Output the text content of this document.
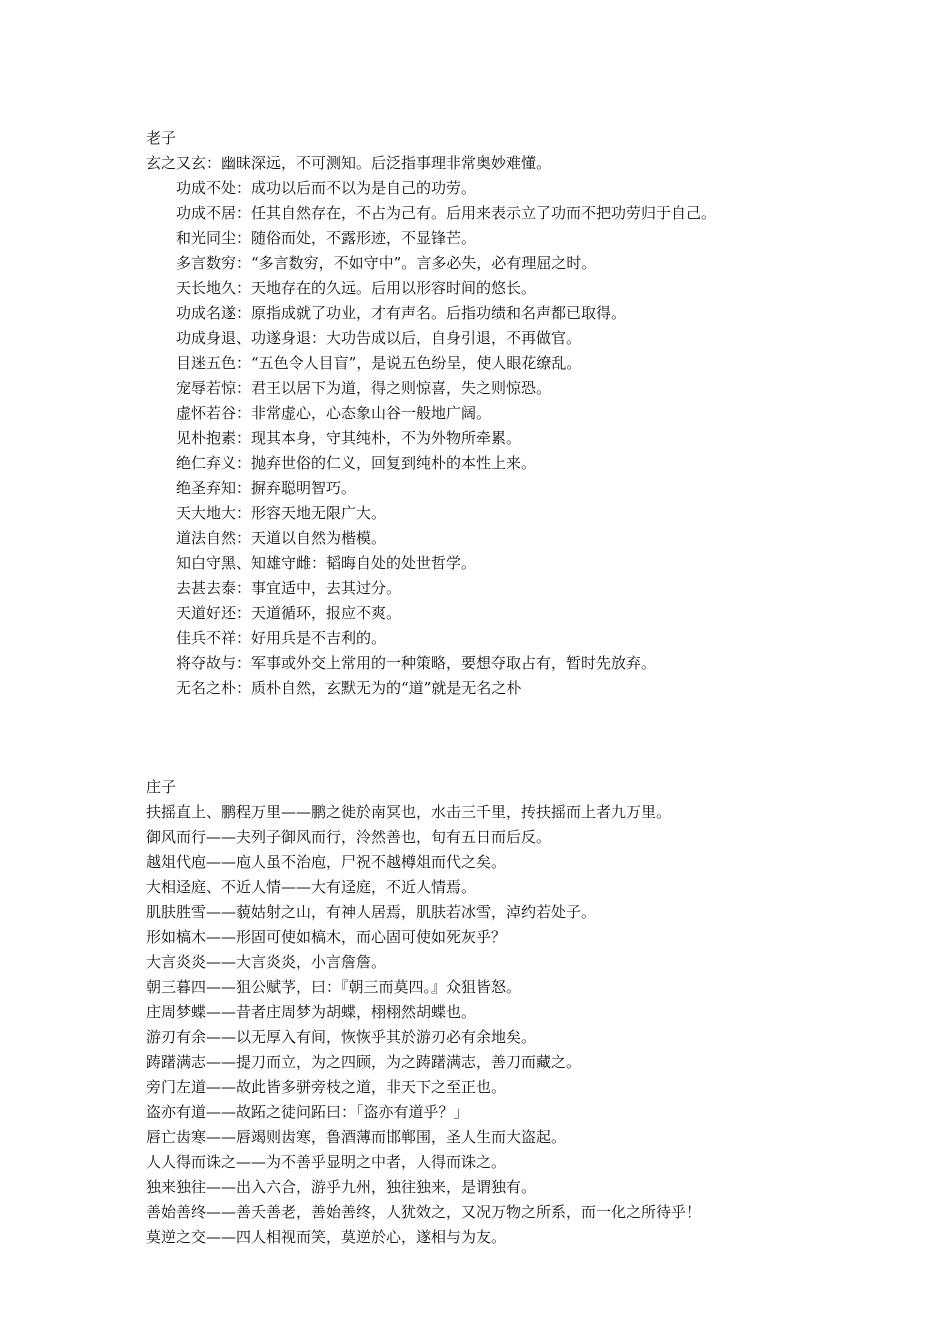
老子
玄之又玄：幽昧深远，不可测知。后泛指事理非常奥妙难懂。
功成不处：成功以后而不以为是自己的功劳。
功成不居：任其自然存在，不占为己有。后用来表示立了功而不把功劳归于自己。
和光同尘：随俗而处，不露形迹，不显锋芒。
多言数穷：“多言数穷，不如守中”。言多必失，必有理屈之时。
天长地久：天地存在的久远。后用以形容时间的悠长。
功成名遂：原指成就了功业，才有声名。后指功绩和名声都已取得。
功成身退、功遂身退：大功告成以后，自身引退，不再做官。
目迷五色：“五色令人目盲”，是说五色纷呈，使人眼花缭乱。
宠辱若惊：君王以居下为道，得之则惊喜，失之则惊恐。
虚怀若谷：非常虚心，心态象山谷一般地广阔。
见朴抱素：现其本身，守其纯朴，不为外物所牵累。
绝仁弃义：抛弃世俗的仁义，回复到纯朴的本性上来。
绝圣弃知：摒弃聪明智巧。
天大地大：形容天地无限广大。
道法自然：天道以自然为楷模。
知白守黑、知雄守雌：韬晦自处的处世哲学。
去甚去泰：事宜适中，去其过分。
天道好还：天道循环，报应不爽。
佳兵不祥：好用兵是不吉利的。
将夺故与：军事或外交上常用的一种策略，要想夺取占有，暂时先放弃。
无名之朴：质朴自然，玄默无为的“道”就是无名之朴
庄子
扶摇直上、鹏程万里——鹏之徙於南冥也，水击三千里，抟扶摇而上者九万里。
御风而行——夫列子御风而行，泠然善也，旬有五日而后反。
越俎代庖——庖人虽不治庖，尸祝不越樽俎而代之矣。
大相迳庭、不近人情——大有迳庭，不近人情焉。
肌肤胜雪——藐姑射之山，有神人居焉，肌肤若冰雪，淖约若处子。
形如槁木——形固可使如槁木，而心固可使如死灰乎？
大言炎炎——大言炎炎，小言詹詹。
朝三暮四——狙公赋芧，曰：『朝三而莫四。』众狙皆怒。
庄周梦蝶——昔者庄周梦为胡蝶，栩栩然胡蝶也。
游刃有余——以无厚入有间，恢恢乎其於游刃必有余地矣。
踌躇满志——提刀而立，为之四顾，为之踌躇满志，善刀而藏之。
旁门左道——故此皆多骈旁枝之道，非天下之至正也。
盗亦有道——故跖之徒问跖曰：「盗亦有道乎？」
唇亡齿寒——唇竭则齿寒，鲁酒薄而邯郸围，圣人生而大盗起。
人人得而诛之——为不善乎显明之中者，人得而诛之。
独来独往——出入六合，游乎九州，独往独来，是谓独有。
善始善终——善夭善老，善始善终，人犹效之，又况万物之所系，而一化之所待乎！
莫逆之交——四人相视而笑，莫逆於心，遂相与为友。
